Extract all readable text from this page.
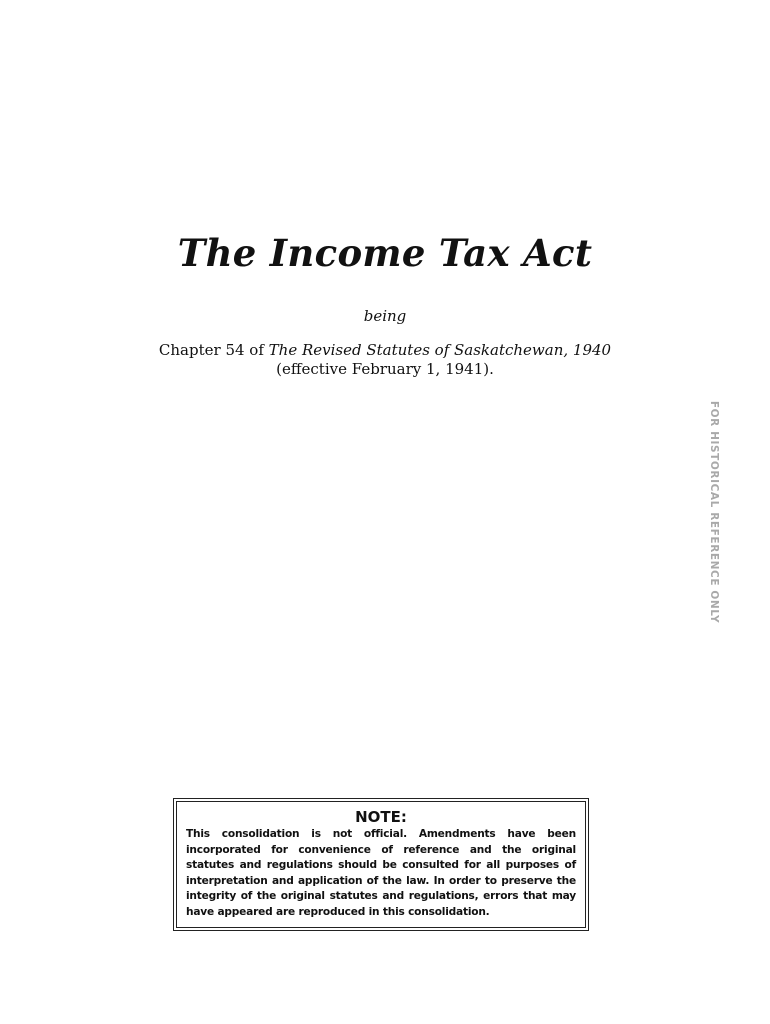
The Income Tax Act
being
Chapter 54 of The Revised Statutes of Saskatchewan, 1940
(effective February 1, 1941).
FOR HISTORICAL REFERENCE ONLY
NOTE:
This consolidation is not official. Amendments have been incorporated for convenience of reference and the original statutes and regulations should be consulted for all purposes of interpretation and application of the law. In order to preserve the integrity of the original statutes and regulations, errors that may have appeared are reproduced in this consolidation.
